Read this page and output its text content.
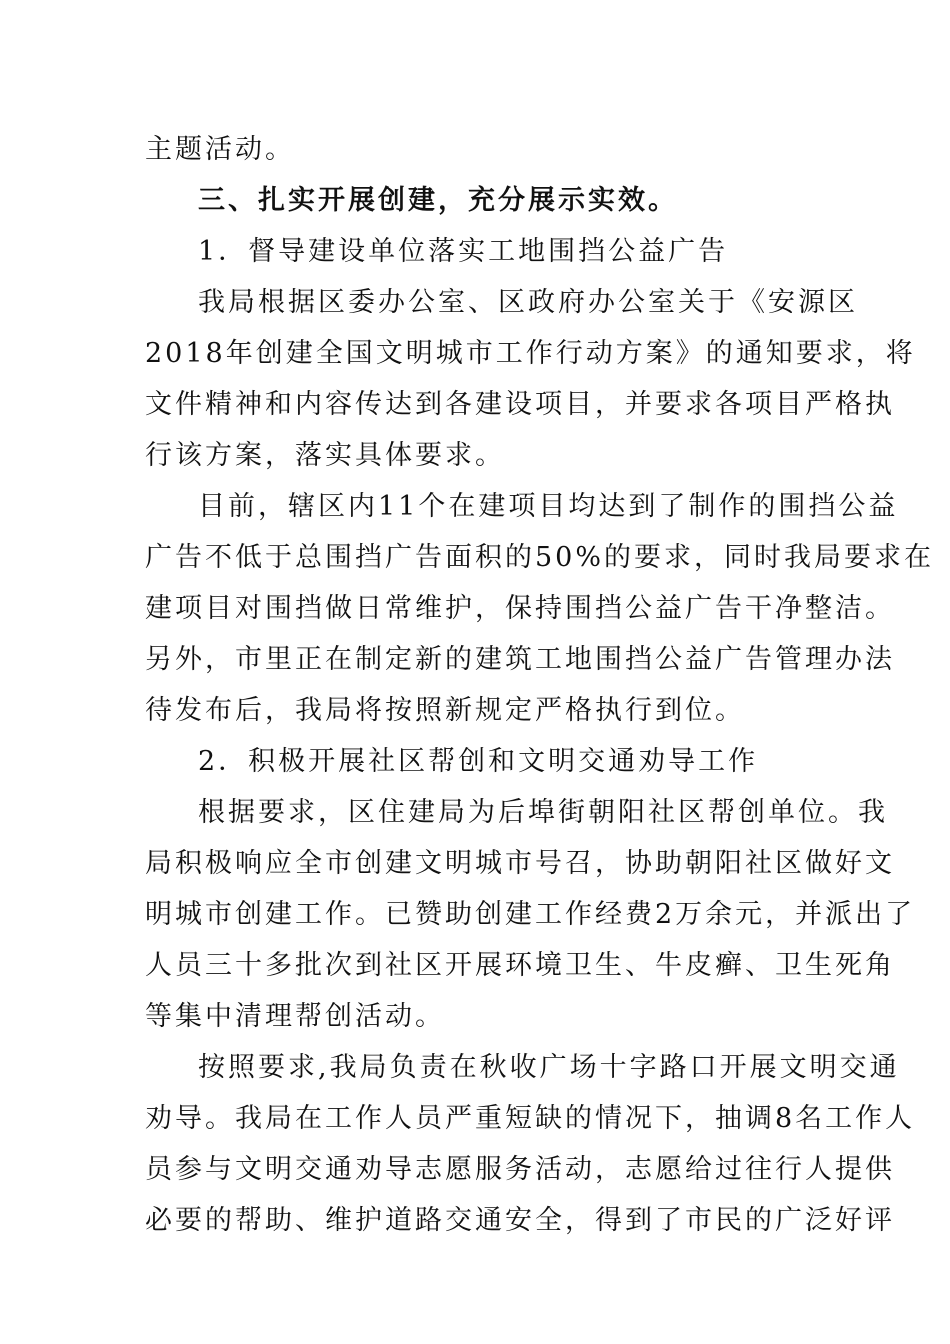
主题活动。
三、扎实开展创建，充分展示实效。
1．督导建设单位落实工地围挡公益广告
我局根据区委办公室、区政府办公室关于《安源区
2018年创建全国文明城市工作行动方案》的通知要求，将
文件精神和内容传达到各建设项目，并要求各项目严格执
行该方案，落实具体要求。
目前，辖区内11个在建项目均达到了制作的围挡公益
广告不低于总围挡广告面积的50%的要求，同时我局要求在
建项目对围挡做日常维护，保持围挡公益广告干净整洁。
另外，市里正在制定新的建筑工地围挡公益广告管理办法
待发布后，我局将按照新规定严格执行到位。
2．积极开展社区帮创和文明交通劝导工作
根据要求，区住建局为后埠街朝阳社区帮创单位。我
局积极响应全市创建文明城市号召，协助朝阳社区做好文
明城市创建工作。已赞助创建工作经费2万余元，并派出了
人员三十多批次到社区开展环境卫生、牛皮癣、卫生死角
等集中清理帮创活动。
按照要求,我局负责在秋收广场十字路口开展文明交通
劝导。我局在工作人员严重短缺的情况下，抽调8名工作人
员参与文明交通劝导志愿服务活动，志愿给过往行人提供
必要的帮助、维护道路交通安全，得到了市民的广泛好评
